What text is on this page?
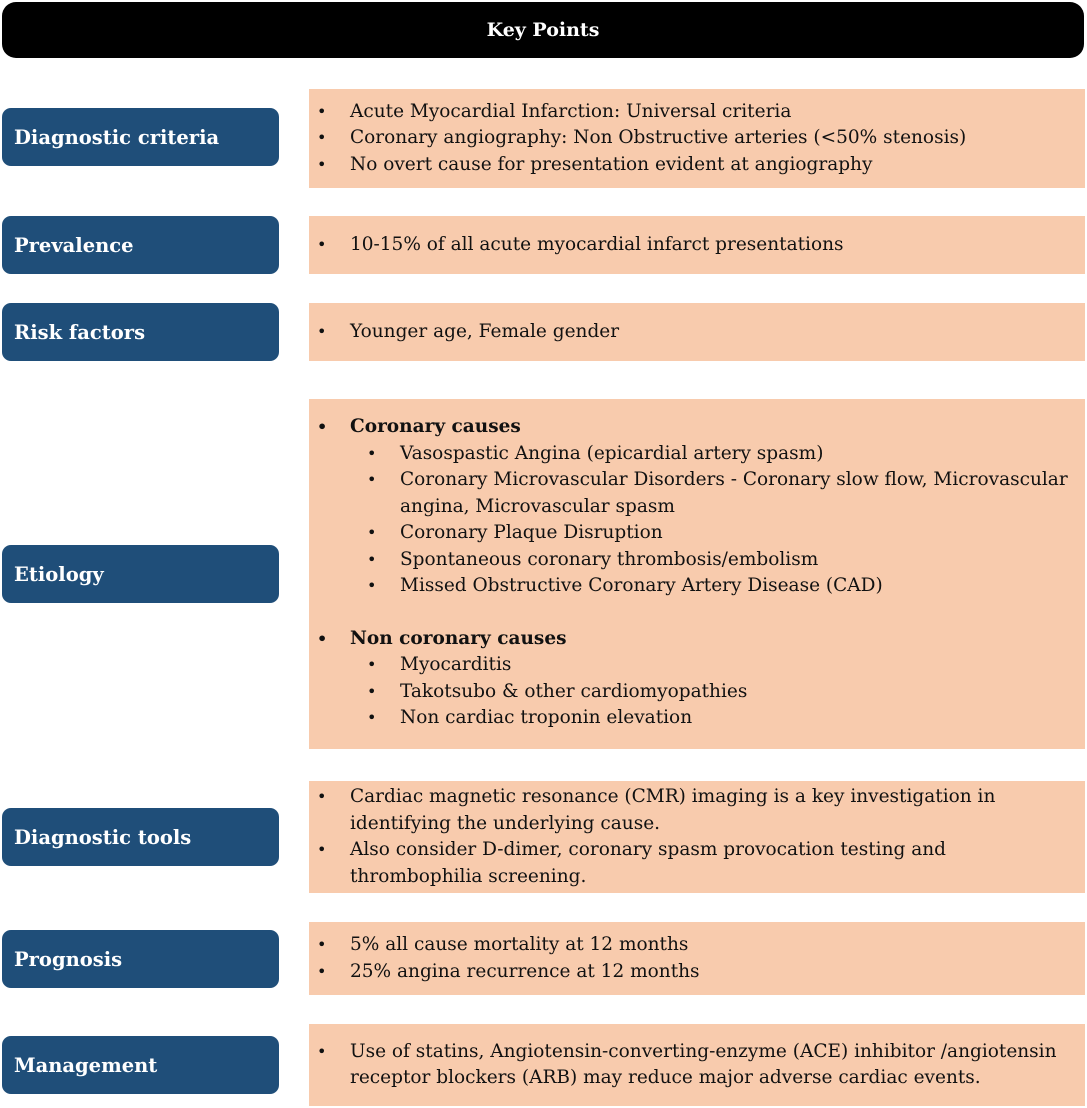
Key Points
Diagnostic criteria
• Acute Myocardial Infarction: Universal criteria
• Coronary angiography: Non Obstructive arteries (<50% stenosis)
• No overt cause for presentation evident at angiography
Prevalence	• 10-15% of all acute myocardial infarct presentations
Risk factors	• Younger age, Female gender
Etiology
• Coronary causes
• Vasospastic Angina (epicardial artery spasm)
• Coronary Microvascular Disorders - Coronary slow flow, Microvascular angina, Microvascular spasm
• Coronary Plaque Disruption
• Spontaneous coronary thrombosis/embolism
• Missed Obstructive Coronary Artery Disease (CAD)
• Non coronary causes
• Myocarditis
• Takotsubo & other cardiomyopathies
• Non cardiac troponin elevation
Diagnostic tools
• Cardiac magnetic resonance (CMR) imaging is a key investigation in identifying the underlying cause.
• Also consider D-dimer, coronary spasm provocation testing and thrombophilia screening.
Prognosis
• 5% all cause mortality at 12 months
• 25% angina recurrence at 12 months
Management
• Use of statins, Angiotensin-converting-enzyme (ACE) inhibitor /angiotensin receptor blockers (ARB) may reduce major adverse cardiac events.
